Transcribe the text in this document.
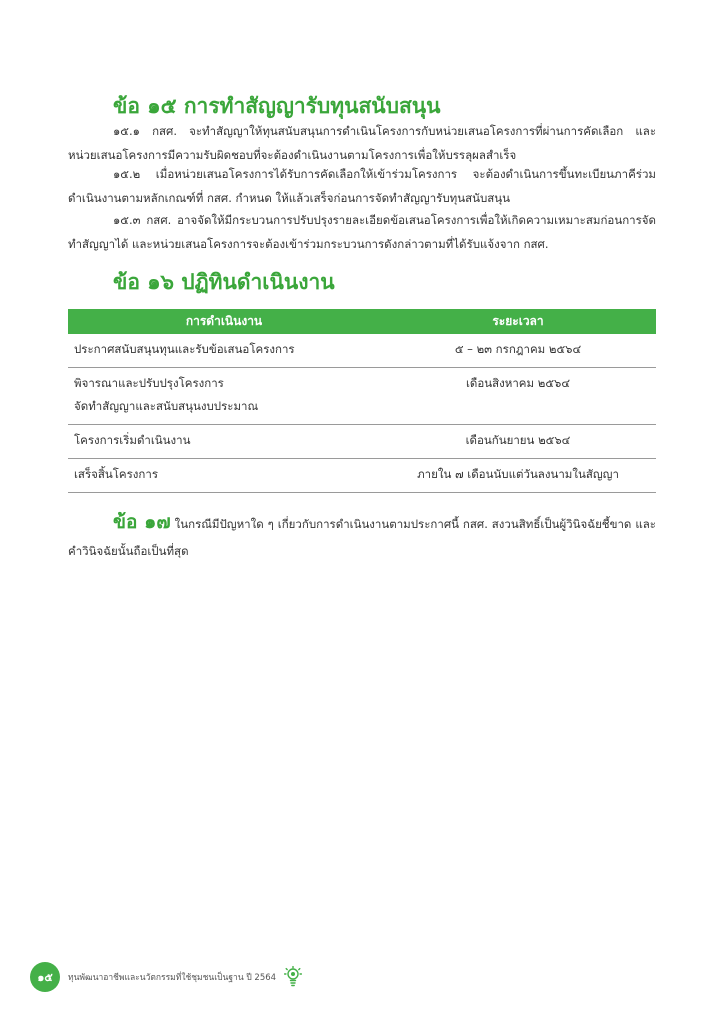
ข้อ ๑๕ การทำสัญญารับทุนสนับสนุน

๑๕.๑ กสศ. จะทำสัญญาให้ทุนสนับสนุนการดำเนินโครงการกับหน่วยเสนอโครงการที่ผ่านการคัดเลือก และหน่วยเสนอโครงการมีความรับผิดชอบที่จะต้องดำเนินงานตามโครงการเพื่อให้บรรลุผลสำเร็จ

๑๕.๒ เมื่อหน่วยเสนอโครงการได้รับการคัดเลือกให้เข้าร่วมโครงการ จะต้องดำเนินการขึ้นทะเบียนภาคีร่วมดำเนินงานตามหลักเกณฑ์ที่ กสศ. กำหนด ให้แล้วเสร็จก่อนการจัดทำสัญญารับทุนสนับสนุน

๑๕.๓ กสศ. อาจจัดให้มีกระบวนการปรับปรุงรายละเอียดข้อเสนอโครงการเพื่อให้เกิดความเหมาะสมก่อนการจัดทำสัญญาได้ และหน่วยเสนอโครงการจะต้องเข้าร่วมกระบวนการดังกล่าวตามที่ได้รับแจ้งจาก กสศ.

ข้อ ๑๖ ปฏิทินดำเนินงาน
การดำเนินงาน	ระยะเวลา

ประกาศสนับสนุนทุนและรับข้อเสนอโครงการ	๕ – ๒๓ กรกฎาคม ๒๕๖๔

พิจารณาและปรับปรุงโครงการ
จัดทำสัญญาและสนับสนุนงบประมาณ	เดือนสิงหาคม ๒๕๖๔

โครงการเริ่มดำเนินงาน	เดือนกันยายน ๒๕๖๔

เสร็จสิ้นโครงการ	ภายใน ๗ เดือนนับแต่วันลงนามในสัญญา

ข้อ ๑๗ ในกรณีมีปัญหาใด ๆ เกี่ยวกับการดำเนินงานตามประกาศนี้ กสศ. สงวนสิทธิ์เป็นผู้วินิจฉัยชี้ขาด และคำวินิจฉัยนั้นถือเป็นที่สุด

๑๕	ทุนพัฒนาอาชีพและนวัตกรรมที่ใช้ชุมชนเป็นฐาน ปี 2564
